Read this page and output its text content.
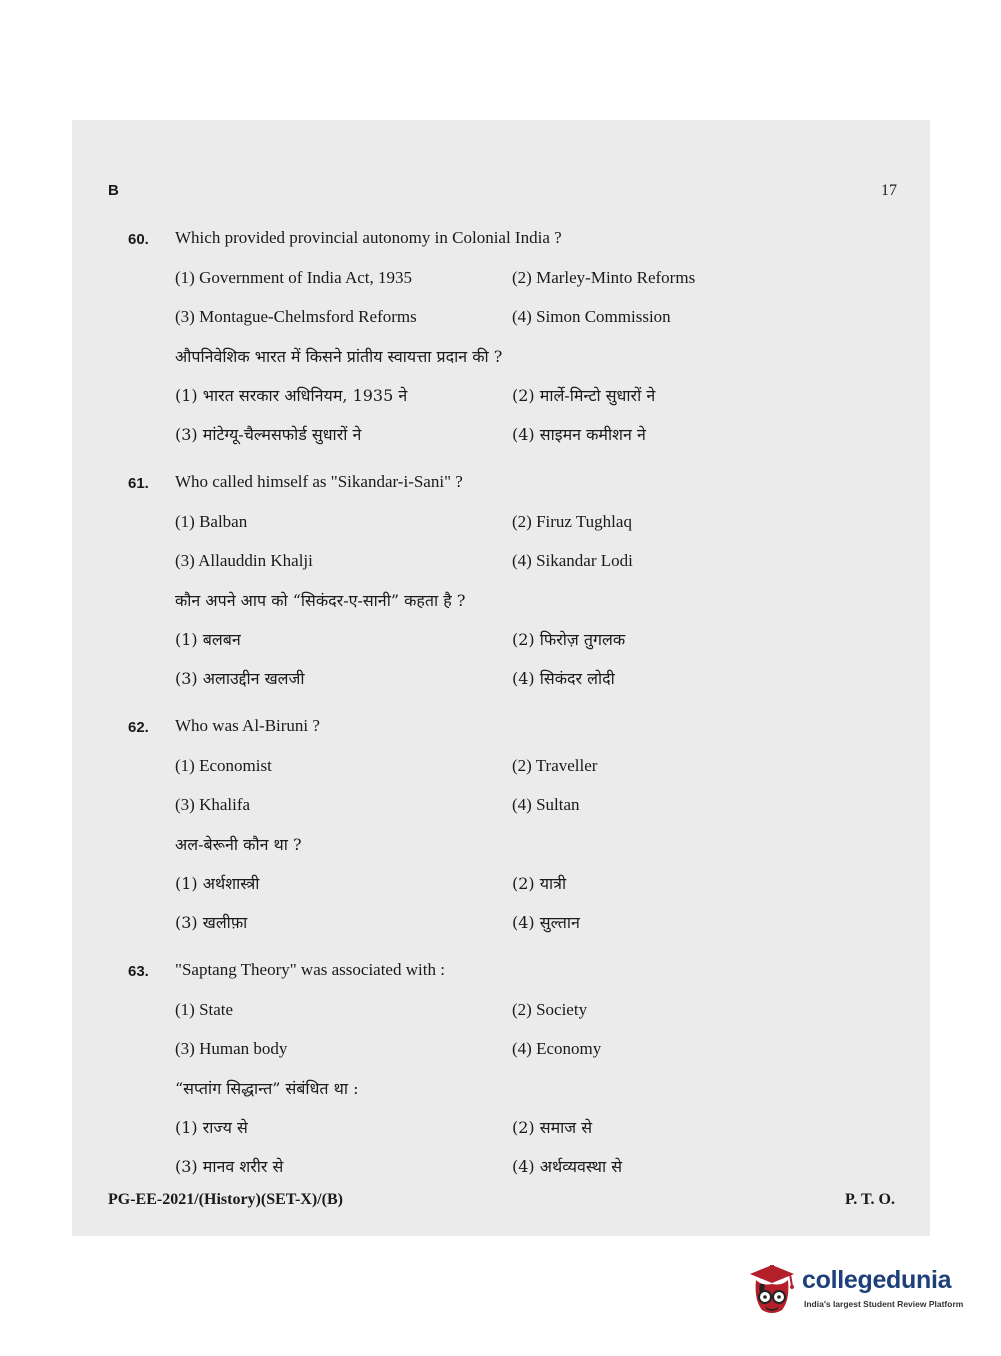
B	17
60. Which provided provincial autonomy in Colonial India ?
(1) Government of India Act, 1935	(2) Marley-Minto Reforms
(3) Montague-Chelmsford Reforms	(4) Simon Commission
औपनिवेशिक भारत में किसने प्रांतीय स्वायत्ता प्रदान की ?
(1) भारत सरकार अधिनियम, 1935 ने	(2) मार्ले-मिन्टो सुधारों ने
(3) मांटेग्यू-चैल्मसफोर्ड सुधारों ने	(4) साइमन कमीशन ने
61. Who called himself as "Sikandar-i-Sani" ?
(1) Balban	(2) Firuz Tughlaq
(3) Allauddin Khalji	(4) Sikandar Lodi
कौन अपने आप को “सिकंदर-ए-सानी” कहता है ?
(1) बलबन	(2) फिरोज़ तुगलक
(3) अलाउद्दीन खलजी	(4) सिकंदर लोदी
62. Who was Al-Biruni ?
(1) Economist	(2) Traveller
(3) Khalifa	(4) Sultan
अल-बेरूनी कौन था ?
(1) अर्थशास्त्री	(2) यात्री
(3) खलीफ़ा	(4) सुल्तान
63. "Saptang Theory" was associated with :
(1) State	(2) Society
(3) Human body	(4) Economy
“सप्तांग सिद्धान्त” संबंधित था :
(1) राज्य से	(2) समाज से
(3) मानव शरीर से	(4) अर्थव्यवस्था से
PG-EE-2021/(History)(SET-X)/(B)	P. T. O.
collegedunia
India's largest Student Review Platform
